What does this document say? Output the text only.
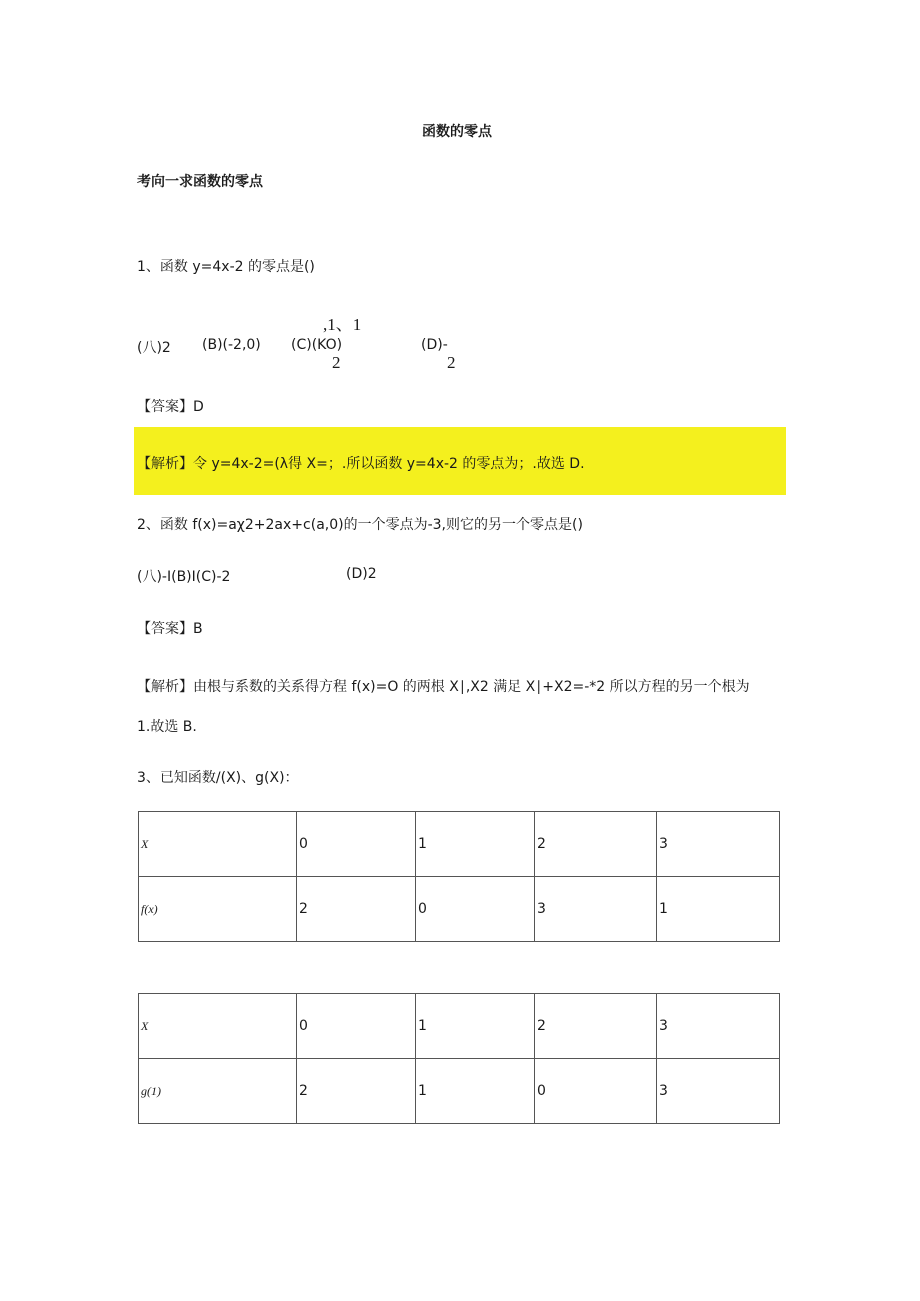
函数的零点
考向一求函数的零点
1、函数 y=4x-2 的零点是()
,1、1
(八)2 (B)(-2,0) (C)(KO)	(D)-
2	2
【答案】D
【解析】令 y=4x-2=(λ得 X=；.所以函数 y=4x-2 的零点为；.故选 D.
2、函数 f(x)=aχ2+2ax+c(a,0)的一个零点为-3,则它的另一个零点是()
(八)-I(B)I(C)-2	(D)2
【答案】B
【解析】由根与系数的关系得方程 f(x)=O 的两根 X∣,X2 满足 X∣+X2=-*2 所以方程的另一个根为
1.故选 B.
3、已知函数/(X)、g(X)：
X	0	1	2	3
f(x)	2	0	3	1
X	0	1	2	3
g(1)	2	1	0	3
